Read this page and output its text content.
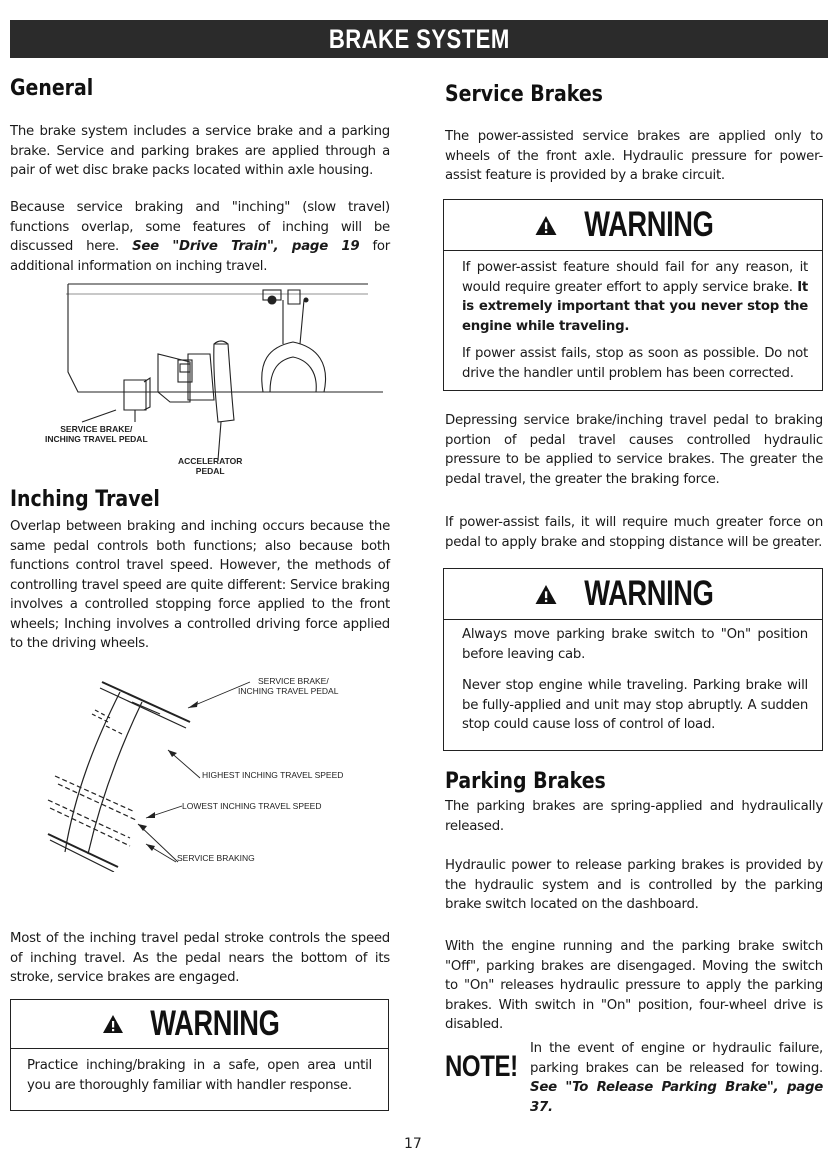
BRAKE SYSTEM
General
The brake system includes a service brake and a parking brake. Service and parking brakes are applied through a pair of wet disc brake packs located within axle housing.
Because service braking and "inching" (slow travel) functions overlap, some features of inching will be discussed here. See "Drive Train", page 19 for additional information on inching travel.
SERVICE BRAKE/
INCHING TRAVEL PEDAL
ACCELERATOR
PEDAL
Inching Travel
Overlap between braking and inching occurs because the same pedal controls both functions; also because both functions control travel speed. However, the methods of controlling travel speed are quite different: Service braking involves a controlled stopping force applied to the front wheels; Inching involves a controlled driving force applied to the driving wheels.
SERVICE BRAKE/
INCHING TRAVEL PEDAL
HIGHEST INCHING TRAVEL SPEED
LOWEST INCHING TRAVEL SPEED
SERVICE BRAKING
Most of the inching travel pedal stroke controls the speed of inching travel. As the pedal nears the bottom of its stroke, service brakes are engaged.
WARNING
Practice inching/braking in a safe, open area until you are thoroughly familiar with handler response.
Service Brakes
The power-assisted service brakes are applied only to wheels of the front axle. Hydraulic pressure for power-assist feature is provided by a brake circuit.
WARNING

If power-assist feature should fail for any reason, it would require greater effort to apply service brake. It is extremely important that you never stop the engine while traveling.

If power assist fails, stop as soon as possible. Do not drive the handler until problem has been corrected.

Depressing service brake/inching travel pedal to braking portion of pedal travel causes controlled hydraulic pressure to be applied to service brakes. The greater the pedal travel, the greater the braking force.
If power-assist fails, it will require much greater force on pedal to apply brake and stopping distance will be greater.
WARNING

Always move parking brake switch to "On" position before leaving cab.

Never stop engine while traveling. Parking brake will be fully-applied and unit may stop abruptly. A sudden stop could cause loss of control of load.

Parking Brakes
The parking brakes are spring-applied and hydraulically released.
Hydraulic power to release parking brakes is provided by the hydraulic system and is controlled by the parking brake switch located on the dashboard.
With the engine running and the parking brake switch "Off", parking brakes are disengaged. Moving the switch to "On" releases hydraulic pressure to apply the parking brakes. With switch in "On" position, four-wheel drive is disabled.
NOTE!
In the event of engine or hydraulic failure, parking brakes can be released for towing. See "To Release Parking Brake", page 37.
17
